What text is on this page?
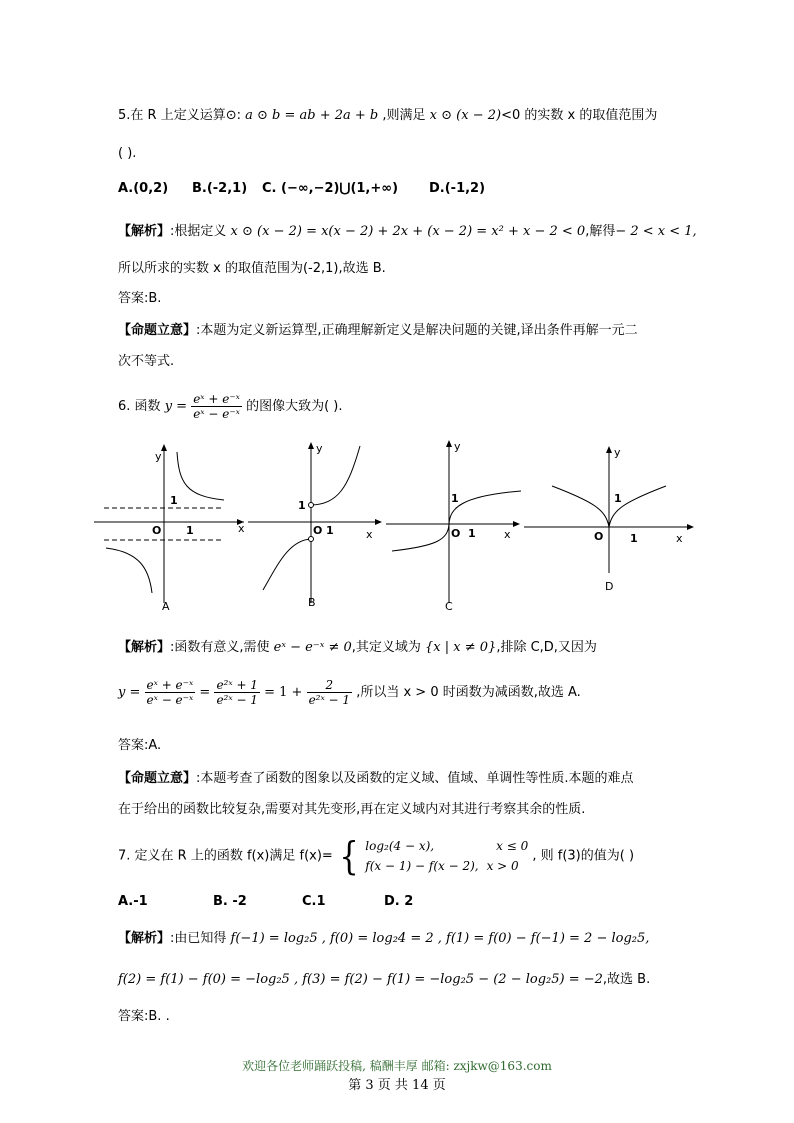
5.在 R 上定义运算⊙: a ⊙ b = ab + 2a + b ,则满足 x ⊙ (x − 2)<0 的实数 x 的取值范围为
( ).
A.(0,2) B.(-2,1) C. (−∞,−2)⋃(1,+∞) D.(-1,2)
【解析】:根据定义 x ⊙ (x − 2) = x(x − 2) + 2x + (x − 2) = x² + x − 2 < 0,解得− 2 < x < 1,
所以所求的实数 x 的取值范围为(-2,1),故选 B.
答案:B.
【命题立意】:本题为定义新运算型,正确理解新定义是解决问题的关键,译出条件再解一元二
次不等式.
6. 函数 $y = \frac{\text{eˣ + e⁻ˣ}}{\text{eˣ − e⁻ˣ}}$ 的图像大致为( ).
y
x
O 1
1
A
y
x
O 1
1
B
y
x
O 1
1
C
y
x
O 1
1
D
【解析】:函数有意义,需使 eˣ − e⁻ˣ ≠ 0,其定义域为 {x | x ≠ 0},排除 C,D,又因为
$y = \frac{\text{eˣ + e⁻ˣ}}{\text{eˣ − e⁻ˣ}} = \frac{\text{e²ˣ + 1}}{\text{e²ˣ − 1}} = 1 + \frac{2}{\text{e²ˣ − 1}}$ ,所以当 x > 0 时函数为减函数,故选 A.
答案:A.
【命题立意】:本题考查了函数的图象以及函数的定义域、值域、单调性等性质.本题的难点
在于给出的函数比较复杂,需要对其先变形,再在定义域内对其进行考察其余的性质.
7. 定义在 R 上的函数 f(x)满足 f(x)= { log₂(4 − x),	x ≤ 0
f(x − 1) − f(x − 2), x > 0
, 则 f(3)的值为( )
A.-1	B. -2	C.1	D. 2
【解析】:由已知得 f(−1) = log₂5 , f(0) = log₂4 = 2 , f(1) = f(0) − f(−1) = 2 − log₂5,
f(2) = f(1) − f(0) = −log₂5 , f(3) = f(2) − f(1) = −log₂5 − (2 − log₂5) = −2,故选 B.
答案:B. .
欢迎各位老师踊跃投稿, 稿酬丰厚 邮箱: zxjkw@163.com
第 3 页 共 14 页
